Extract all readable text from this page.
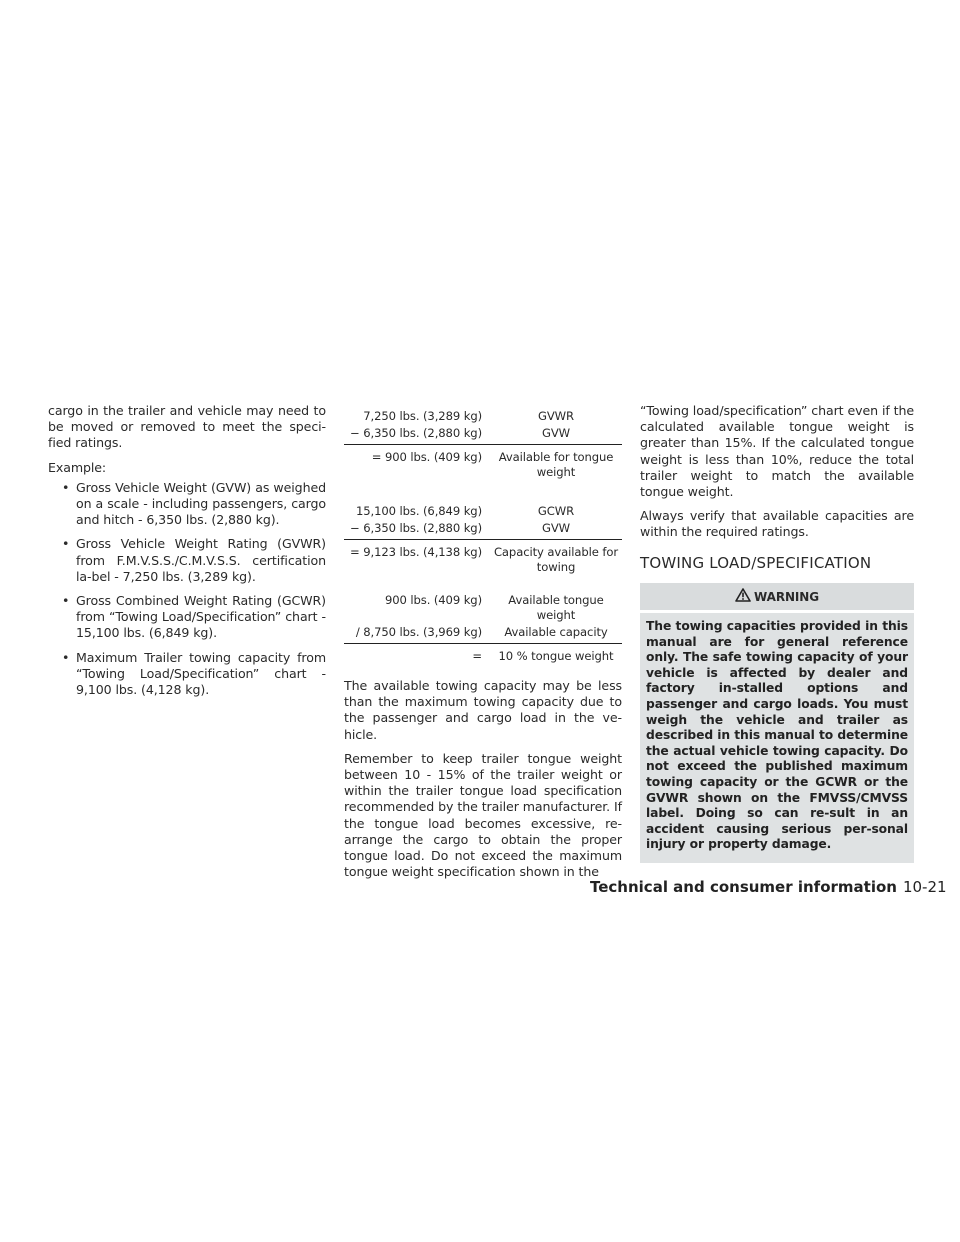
cargo in the trailer and vehicle may need to be moved or removed to meet the speci-fied ratings.

Example:

• Gross Vehicle Weight (GVW) as weighed on a scale - including passengers, cargo and hitch - 6,350 lbs. (2,880 kg).
• Gross Vehicle Weight Rating (GVWR) from F.M.V.S.S./C.M.V.S.S. certification la-bel - 7,250 lbs. (3,289 kg).
• Gross Combined Weight Rating (GCWR) from “Towing Load/Specification” chart - 15,100 lbs. (6,849 kg).
• Maximum Trailer towing capacity from “Towing Load/Specification” chart - 9,100 lbs. (4,128 kg).
7,250 lbs. (3,289 kg)	GVWR
− 6,350 lbs. (2,880 kg)	GVW
= 900 lbs. (409 kg)	Available for tongue weight
15,100 lbs. (6,849 kg)	GCWR
− 6,350 lbs. (2,880 kg)	GVW
= 9,123 lbs. (4,138 kg)	Capacity available for towing
900 lbs. (409 kg)	Available tongue weight
/ 8,750 lbs. (3,969 kg)	Available capacity
=	10 % tongue weight

The available towing capacity may be less than the maximum towing capacity due to the passenger and cargo load in the ve-hicle.

Remember to keep trailer tongue weight between 10 - 15% of the trailer weight or within the trailer tongue load specification recommended by the trailer manufacturer. If the tongue load becomes excessive, re-arrange the cargo to obtain the proper tongue load. Do not exceed the maximum tongue weight specification shown in the

“Towing load/specification” chart even if the calculated available tongue weight is greater than 15%. If the calculated tongue weight is less than 10%, reduce the total trailer weight to match the available tongue weight.

Always verify that available capacities are within the required ratings.

TOWING LOAD/SPECIFICATION
WARNING
The towing capacities provided in this manual are for general reference only. The safe towing capacity of your vehicle is affected by dealer and factory in-stalled options and passenger and cargo loads. You must weigh the vehicle and trailer as described in this manual to determine the actual vehicle towing capacity. Do not exceed the published maximum towing capacity or the GCWR or the GVWR shown on the FMVSS/CMVSS label. Doing so can re-sult in an accident causing serious per-sonal injury or property damage.
Technical and consumer information 10-21
